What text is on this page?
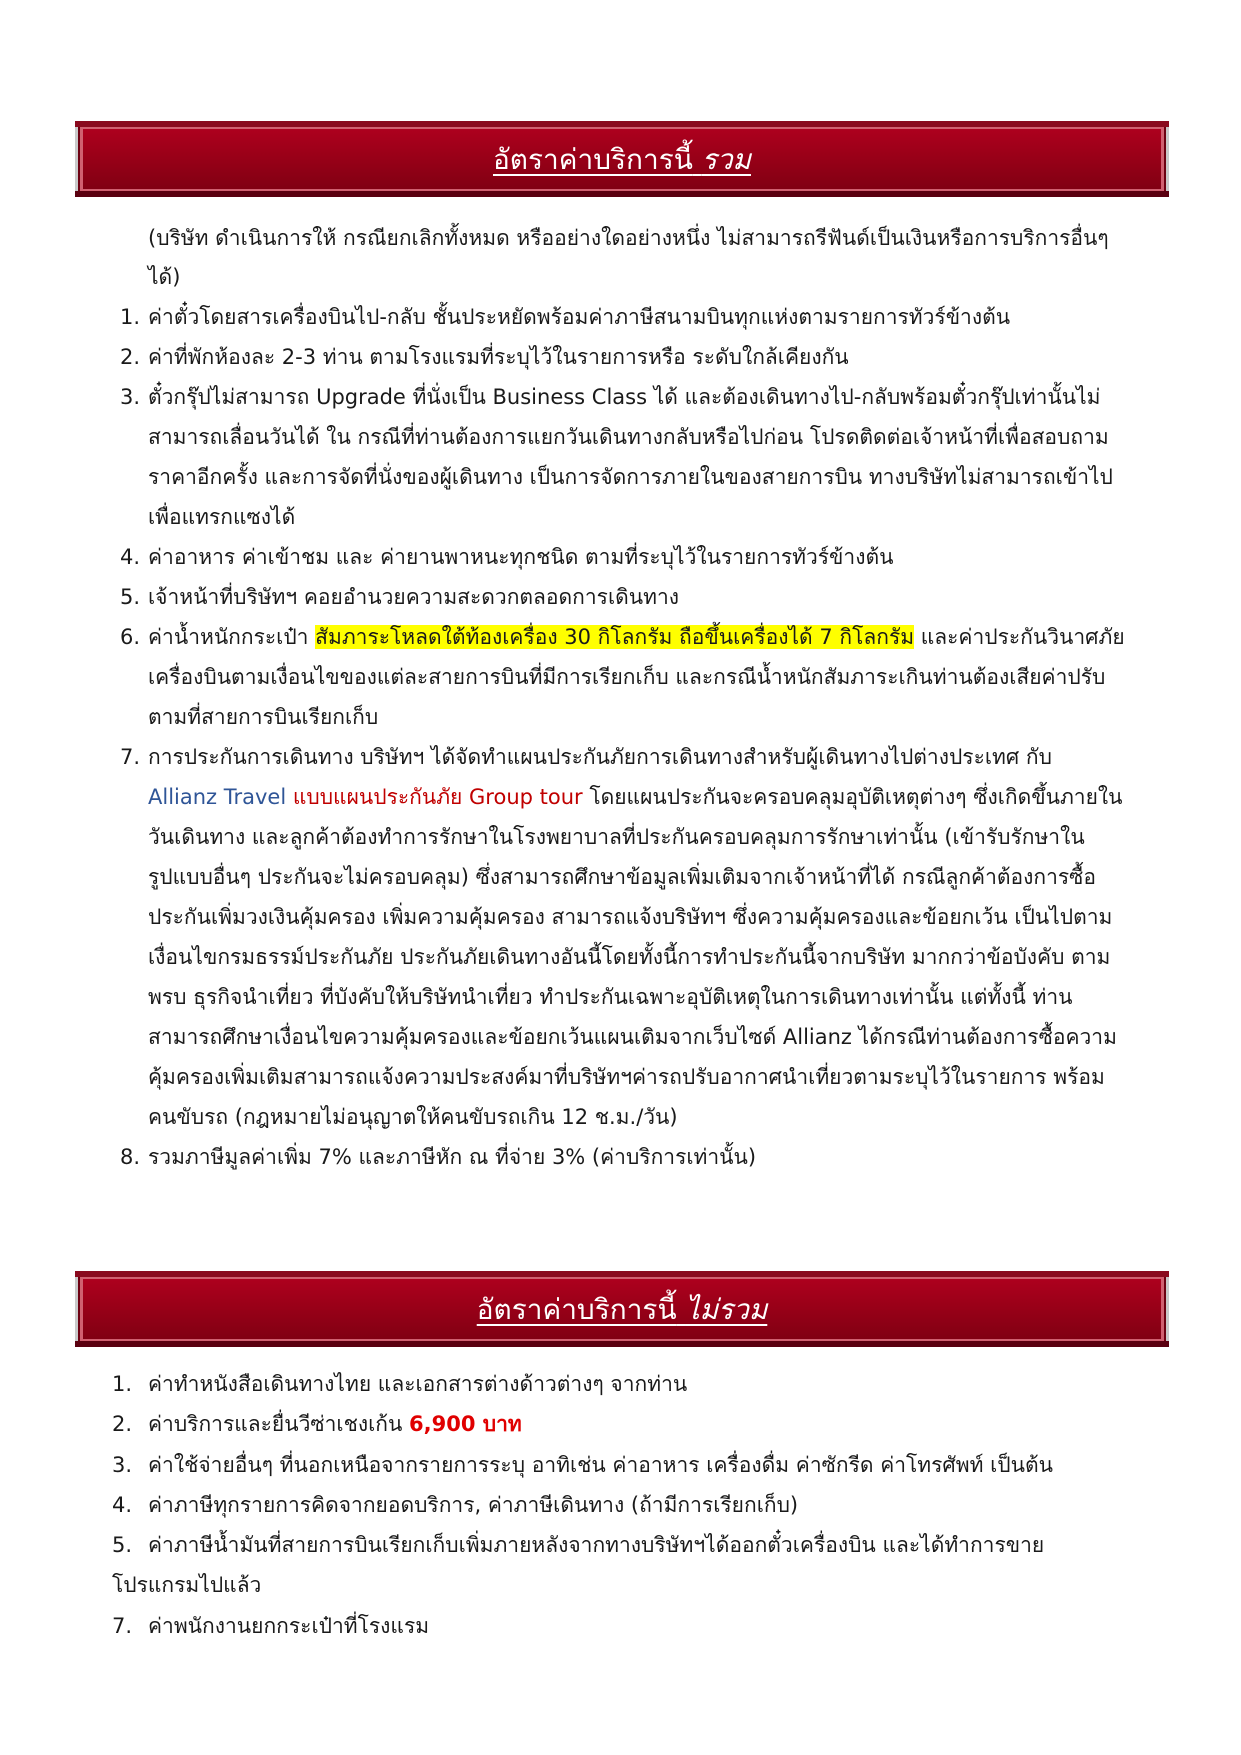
อัตราค่าบริการนี้ รวม
(บริษัท ดำเนินการให้ กรณียกเลิกทั้งหมด หรืออย่างใดอย่างหนึ่ง ไม่สามารถรีฟันด์เป็นเงินหรือการบริการอื่นๆ
ได้)
1. ค่าตั๋วโดยสารเครื่องบินไป-กลับ ชั้นประหยัดพร้อมค่าภาษีสนามบินทุกแห่งตามรายการทัวร์ข้างต้น
2. ค่าที่พักห้องละ 2-3 ท่าน ตามโรงแรมที่ระบุไว้ในรายการหรือ ระดับใกล้เคียงกัน
3. ตั๋วกรุ๊ปไม่สามารถ Upgrade ที่นั่งเป็น Business Class ได้ และต้องเดินทางไป-กลับพร้อมตั๋วกรุ๊ปเท่านั้นไม่
สามารถเลื่อนวันได้ ใน กรณีที่ท่านต้องการแยกวันเดินทางกลับหรือไปก่อน โปรดติดต่อเจ้าหน้าที่เพื่อสอบถาม
ราคาอีกครั้ง และการจัดที่นั่งของผู้เดินทาง เป็นการจัดการภายในของสายการบิน ทางบริษัทไม่สามารถเข้าไป
เพื่อแทรกแซงได้
4. ค่าอาหาร ค่าเข้าชม และ ค่ายานพาหนะทุกชนิด ตามที่ระบุไว้ในรายการทัวร์ข้างต้น
5. เจ้าหน้าที่บริษัทฯ คอยอำนวยความสะดวกตลอดการเดินทาง
6. ค่าน้ำหนักกระเป๋า สัมภาระโหลดใต้ท้องเครื่อง 30 กิโลกรัม ถือขึ้นเครื่องได้ 7 กิโลกรัม และค่าประกันวินาศภัย
เครื่องบินตามเงื่อนไขของแต่ละสายการบินที่มีการเรียกเก็บ และกรณีน้ำหนักสัมภาระเกินท่านต้องเสียค่าปรับ
ตามที่สายการบินเรียกเก็บ
7. การประกันการเดินทาง บริษัทฯ ได้จัดทำแผนประกันภัยการเดินทางสำหรับผู้เดินทางไปต่างประเทศ กับ
Allianz Travel แบบแผนประกันภัย Group tour โดยแผนประกันจะครอบคลุมอุบัติเหตุต่างๆ ซึ่งเกิดขึ้นภายใน
วันเดินทาง และลูกค้าต้องทำการรักษาในโรงพยาบาลที่ประกันครอบคลุมการรักษาเท่านั้น (เข้ารับรักษาใน
รูปแบบอื่นๆ ประกันจะไม่ครอบคลุม) ซึ่งสามารถศึกษาข้อมูลเพิ่มเติมจากเจ้าหน้าที่ได้ กรณีลูกค้าต้องการซื้อ
ประกันเพิ่มวงเงินคุ้มครอง เพิ่มความคุ้มครอง สามารถแจ้งบริษัทฯ ซึ่งความคุ้มครองและข้อยกเว้น เป็นไปตาม
เงื่อนไขกรมธรรม์ประกันภัย ประกันภัยเดินทางอันนี้โดยทั้งนี้การทำประกันนี้จากบริษัท มากกว่าข้อบังคับ ตาม
พรบ ธุรกิจนำเที่ยว ที่บังคับให้บริษัทนำเที่ยว ทำประกันเฉพาะอุบัติเหตุในการเดินทางเท่านั้น แต่ทั้งนี้ ท่าน
สามารถศึกษาเงื่อนไขความคุ้มครองและข้อยกเว้นแผนเติมจากเว็บไซด์ Allianz ได้กรณีท่านต้องการซื้อความ
คุ้มครองเพิ่มเติมสามารถแจ้งความประสงค์มาที่บริษัทฯค่ารถปรับอากาศนำเที่ยวตามระบุไว้ในรายการ พร้อม
คนขับรถ (กฎหมายไม่อนุญาตให้คนขับรถเกิน 12 ช.ม./วัน)
8. รวมภาษีมูลค่าเพิ่ม 7% และภาษีหัก ณ ที่จ่าย 3% (ค่าบริการเท่านั้น)
อัตราค่าบริการนี้ ไม่รวม
1. ค่าทำหนังสือเดินทางไทย และเอกสารต่างด้าวต่างๆ จากท่าน
2. ค่าบริการและยื่นวีซ่าเชงเก้น 6,900 บาท
3. ค่าใช้จ่ายอื่นๆ ที่นอกเหนือจากรายการระบุ อาทิเช่น ค่าอาหาร เครื่องดื่ม ค่าซักรีด ค่าโทรศัพท์ เป็นต้น
4. ค่าภาษีทุกรายการคิดจากยอดบริการ, ค่าภาษีเดินทาง (ถ้ามีการเรียกเก็บ)
5. ค่าภาษีน้ำมันที่สายการบินเรียกเก็บเพิ่มภายหลังจากทางบริษัทฯได้ออกตั๋วเครื่องบิน และได้ทำการขาย
โปรแกรมไปแล้ว
7. ค่าพนักงานยกกระเป๋าที่โรงแรม
